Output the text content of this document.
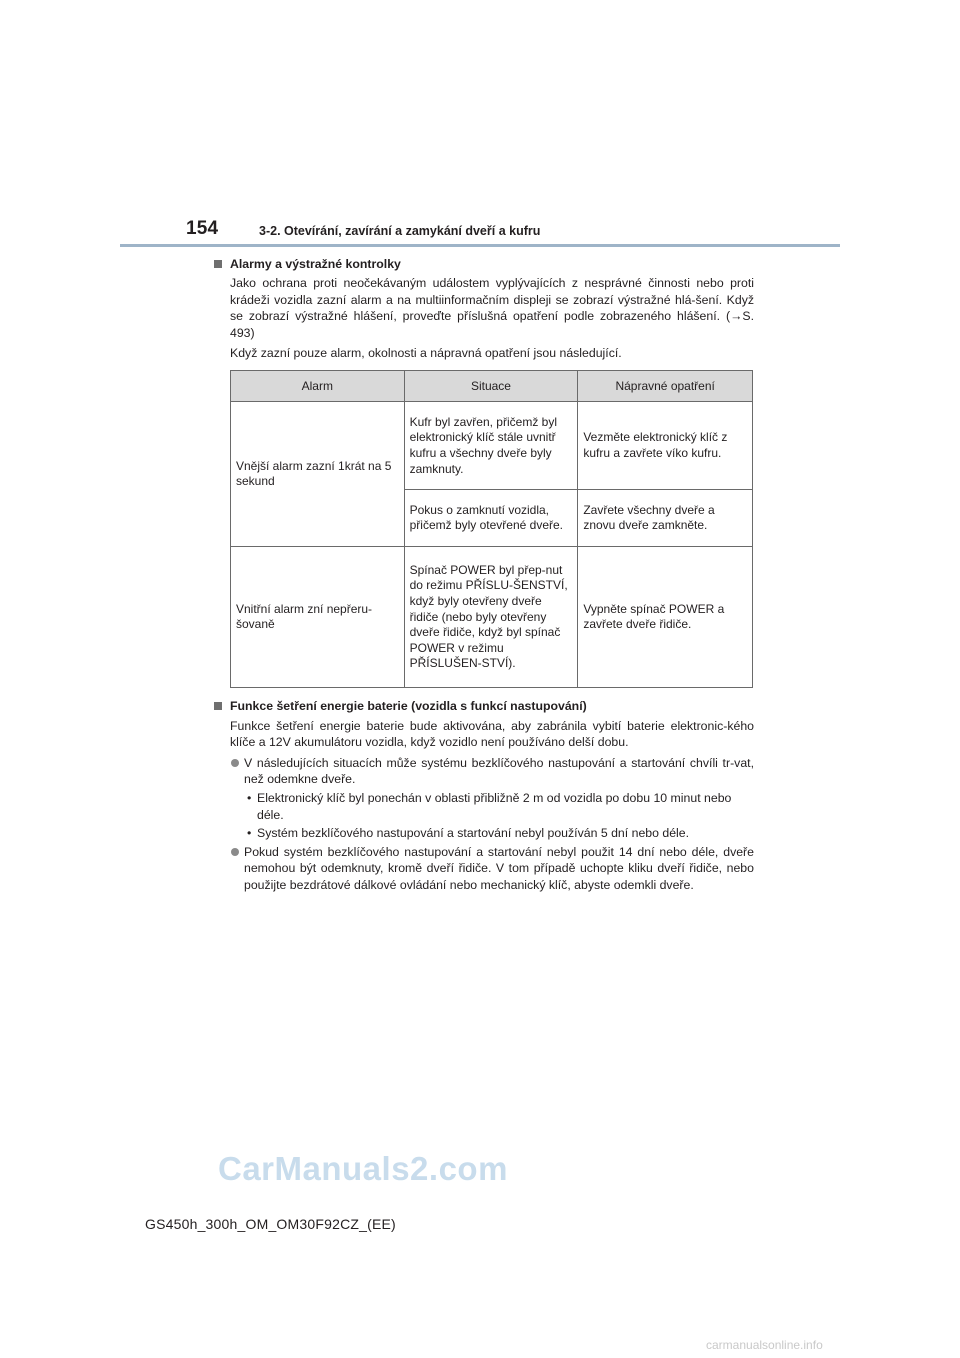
154	3-2. Otevírání, zavírání a zamykání dveří a kufru
Alarmy a výstražné kontrolky

Jako ochrana proti neočekávaným událostem vyplývajících z nesprávné činnosti nebo proti krádeži vozidla zazní alarm a na multiinformačním displeji se zobrazí výstražné hlá-šení. Když se zobrazí výstražné hlášení, proveďte příslušná opatření podle zobrazeného hlášení. (→S. 493)

Když zazní pouze alarm, okolnosti a nápravná opatření jsou následující.

Alarm	Situace	Nápravné opatření
Vnější alarm zazní 1krát na 5 sekund	Kufr byl zavřen, přičemž byl elektronický klíč stále uvnitř kufru a všechny dveře byly zamknuty.	Vezměte elektronický klíč z kufru a zavřete víko kufru.
	Pokus o zamknutí vozidla, přičemž byly otevřené dveře.	Zavřete všechny dveře a znovu dveře zamkněte.
Vnitřní alarm zní nepřeru-šovaně	Spínač POWER byl přep-nut do režimu PŘÍSLU-ŠENSTVÍ, když byly otevřeny dveře řidiče (nebo byly otevřeny dveře řidiče, když byl spínač POWER v režimu PŘÍSLUŠEN-STVÍ).	Vypněte spínač POWER a zavřete dveře řidiče.
Funkce šetření energie baterie (vozidla s funkcí nastupování)

Funkce šetření energie baterie bude aktivována, aby zabránila vybití baterie elektronic-kého klíče a 12V akumulátoru vozidla, když vozidlo není používáno delší dobu.

V následujících situacích může systému bezklíčového nastupování a startování chvíli tr-vat, než odemkne dveře.
• Elektronický klíč byl ponechán v oblasti přibližně 2 m od vozidla po dobu 10 minut nebo déle.
• Systém bezklíčového nastupování a startování nebyl používán 5 dní nebo déle.
Pokud systém bezklíčového nastupování a startování nebyl použit 14 dní nebo déle, dveře nemohou být odemknuty, kromě dveří řidiče. V tom případě uchopte kliku dveří řidiče, nebo použijte bezdrátové dálkové ovládání nebo mechanický klíč, abyste odemkli dveře.
CarManuals2.com
GS450h_300h_OM_OM30F92CZ_(EE)
carmanualsonline.info
